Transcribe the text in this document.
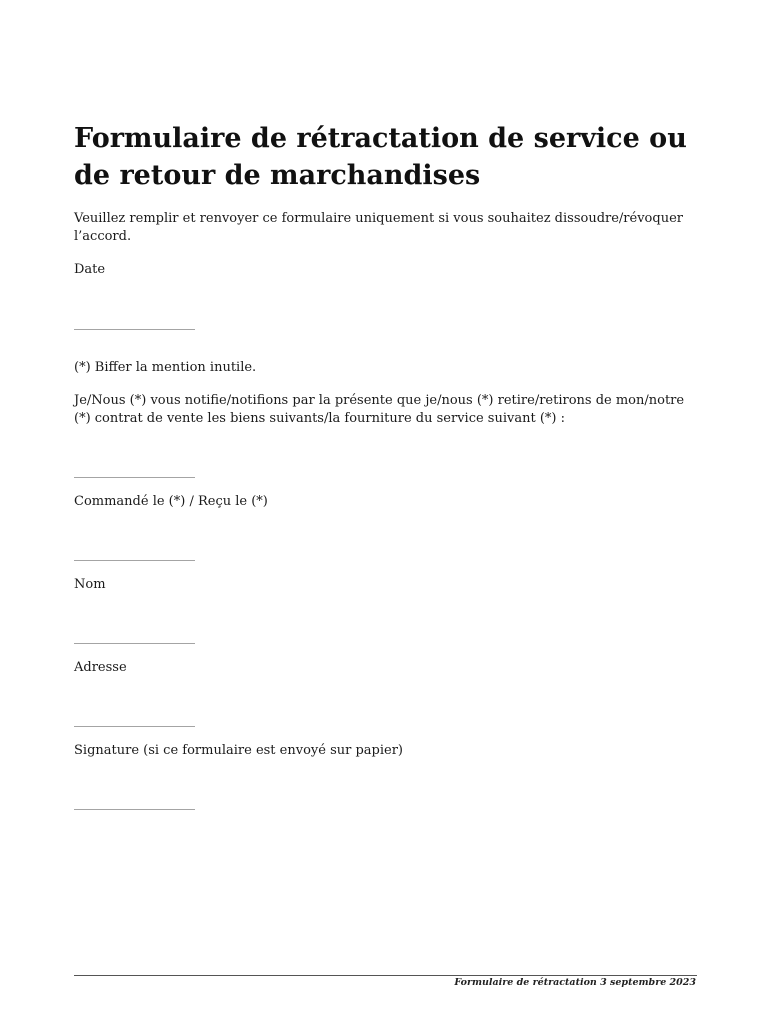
Formulaire de rétractation de service ou de retour de marchandises

Veuillez remplir et renvoyer ce formulaire uniquement si vous souhaitez dissoudre/révoquer l’accord.

Date

______________________

(*) Biffer la mention inutile.

Je/Nous (*) vous notifie/notifions par la présente que je/nous (*) retire/retirons de mon/notre (*) contrat de vente les biens suivants/la fourniture du service suivant (*) :

______________________

Commandé le (*) / Reçu le (*)

______________________

Nom

______________________

Adresse

______________________

Signature (si ce formulaire est envoyé sur papier)

______________________

Formulaire de rétractation 3 septembre 2023
